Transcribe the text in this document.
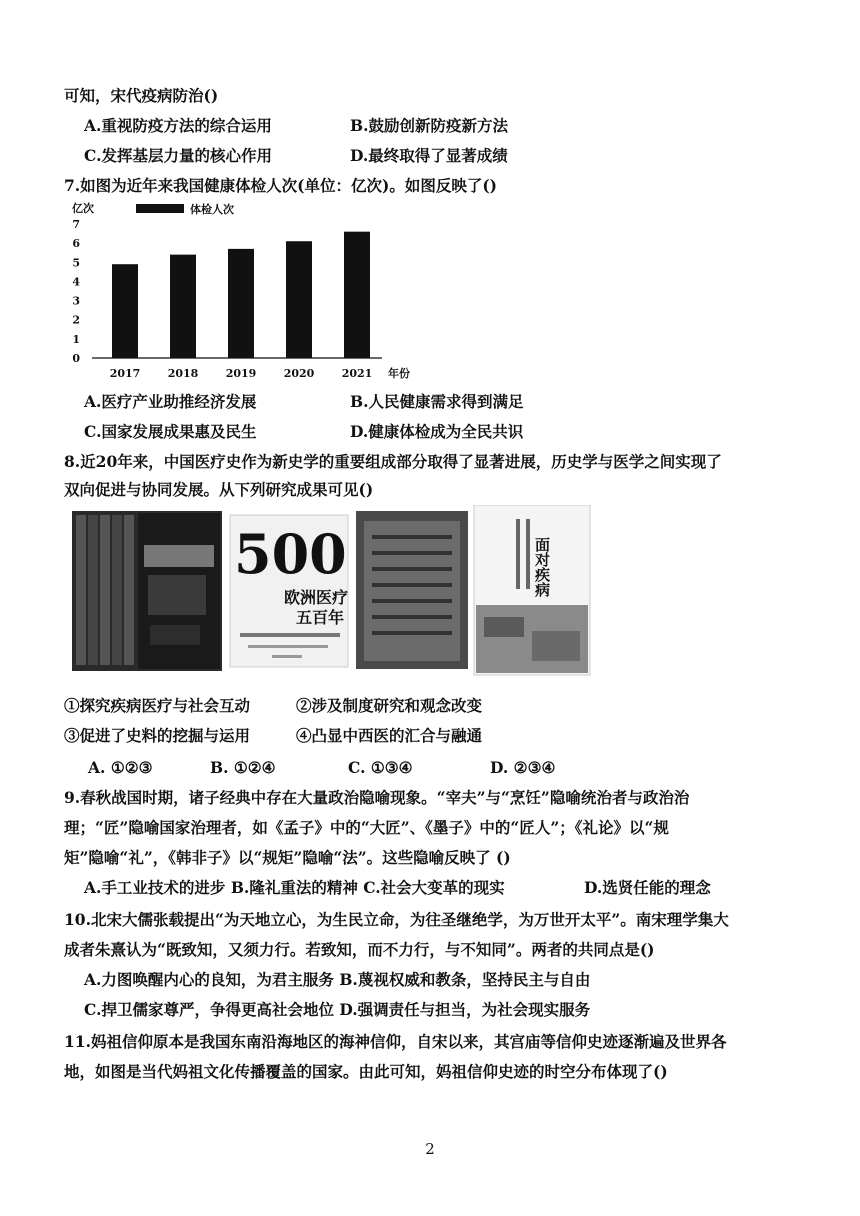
可知，宋代疫病防治()
A.重视防疫方法的综合运用	B.鼓励创新防疫新方法
C.发挥基层力量的核心作用	D.最终取得了显著成绩
7.如图为近年来我国健康体检人次(单位：亿次)。如图反映了()
亿次	体检人次
年份
0
1
2
3
4
5
6
7
2017 2018 2019 2020 2021
A.医疗产业助推经济发展	B.人民健康需求得到满足
C.国家发展成果惠及民生	D.健康体检成为全民共识
8.近20年来，中国医疗史作为新史学的重要组成部分取得了显著进展，历史学与医学之间实现了
双向促进与协同发展。从下列研究成果可见()
500
欧洲医疗
五百年
面对疾病
①探究疾病医疗与社会互动	②涉及制度研究和观念改变
③促进了史料的挖掘与运用	④凸显中西医的汇合与融通
A. ①②③	B. ①②④	C. ①③④	D. ②③④
9.春秋战国时期，诸子经典中存在大量政治隐喻现象。“宰夫”与“烹饪”隐喻统治者与政治治
理；“匠”隐喻国家治理者，如《孟子》中的“大匠”、《墨子》中的“匠人”；《礼论》以“规
矩”隐喻“礼”，《韩非子》以“规矩”隐喻“法”。这些隐喻反映了 ()
A.手工业技术的进步 B.隆礼重法的精神 C.社会大变革的现实	D.选贤任能的理念
10.北宋大儒张载提出“为天地立心，为生民立命，为往圣继绝学，为万世开太平”。南宋理学集大
成者朱熹认为“既致知，又须力行。若致知，而不力行，与不知同”。两者的共同点是()
A.力图唤醒内心的良知，为君主服务 B.蔑视权威和教条，坚持民主与自由
C.捍卫儒家尊严，争得更高社会地位 D.强调责任与担当，为社会现实服务
11.妈祖信仰原本是我国东南沿海地区的海神信仰，自宋以来，其宫庙等信仰史迹逐渐遍及世界各
地，如图是当代妈祖文化传播覆盖的国家。由此可知，妈祖信仰史迹的时空分布体现了()
2
